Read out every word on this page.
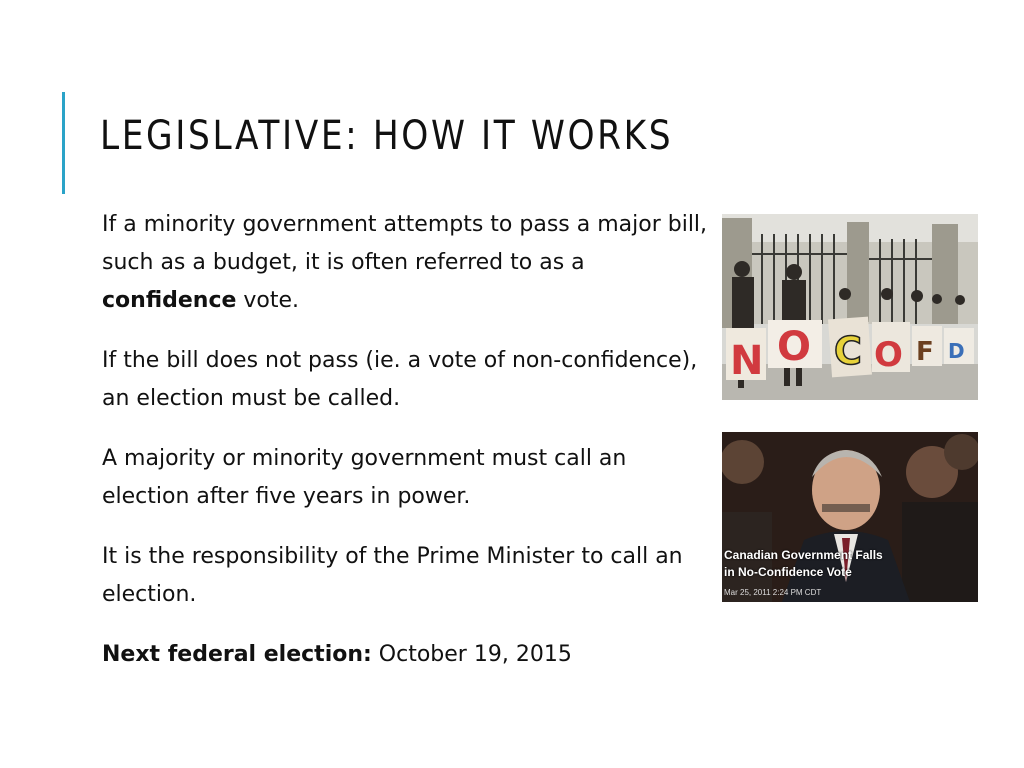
LEGISLATIVE: HOW IT WORKS

If a minority government attempts to pass a major bill, such as a budget, it is often referred to as a confidence vote.

If the bill does not pass (ie. a vote of non-confidence), an election must be called.

A majority or minority government must call an election after five years in power.

It is the responsibility of the Prime Minister to call an election.

Next federal election: October 19, 2015

N O C O F D
Canadian Government Falls
in No-Confidence Vote
Mar 25, 2011 2:24 PM CDT
